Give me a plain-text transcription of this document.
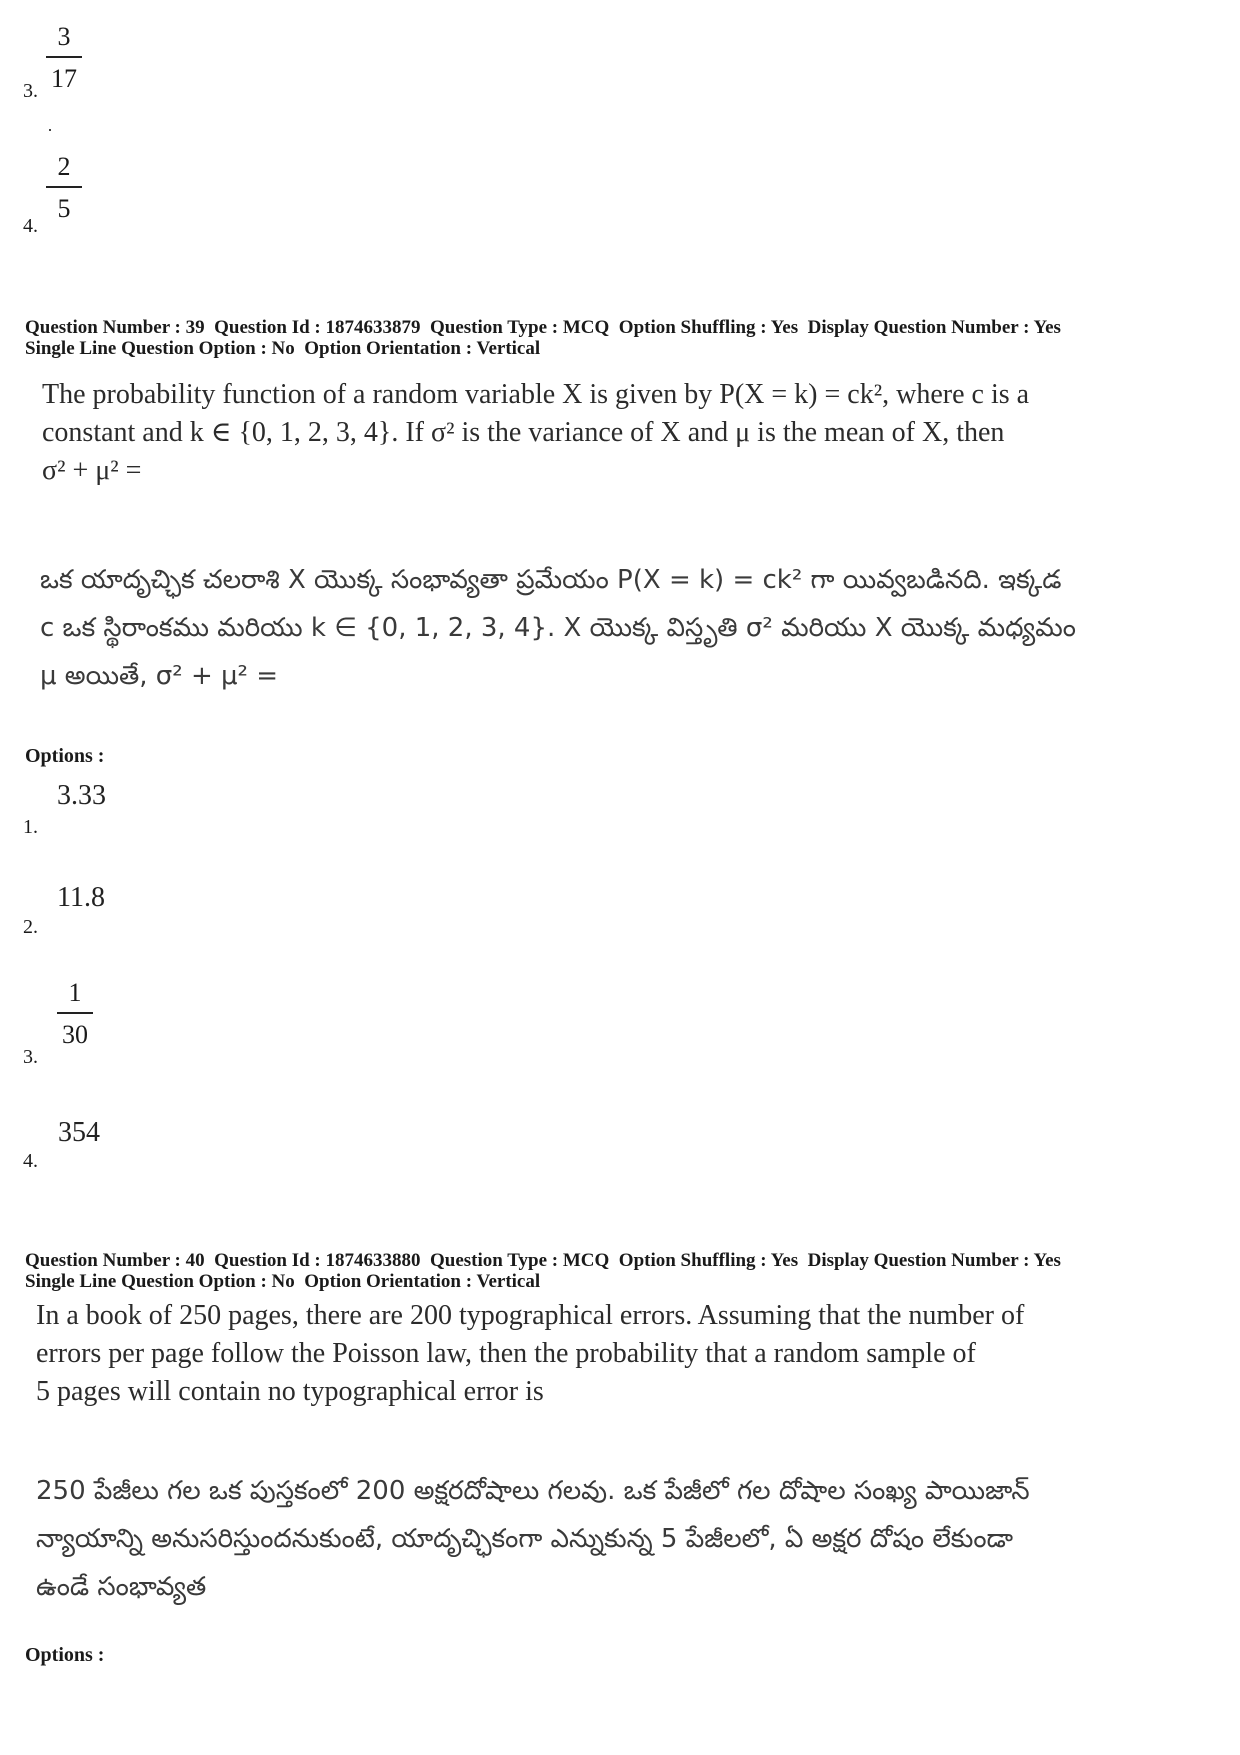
3.
3
17
4.
2
5
Question Number : 39  Question Id : 1874633879  Question Type : MCQ  Option Shuffling : Yes  Display Question Number : Yes
Single Line Question Option : No  Option Orientation : Vertical
The probability function of a random variable X is given by P(X = k) = ck², where c is a
constant and k ∈ {0, 1, 2, 3, 4}. If σ² is the variance of X and μ is the mean of X, then
σ² + μ² =
ఒక యాదృచ్ఛిక చలరాశి X యొక్క సంభావ్యతా ప్రమేయం P(X = k) = ck² గా యివ్వబడినది. ఇక్కడ
c ఒక స్థిరాంకము మరియు k ∈ {0, 1, 2, 3, 4}. X యొక్క విస్తృతి σ² మరియు X యొక్క మధ్యమం
μ అయితే, σ² + μ² =
Options :
1.
3.33
2.
11.8
3.
1
30
4.
354
Question Number : 40  Question Id : 1874633880  Question Type : MCQ  Option Shuffling : Yes  Display Question Number : Yes
Single Line Question Option : No  Option Orientation : Vertical
In a book of 250 pages, there are 200 typographical errors. Assuming that the number of
errors per page follow the Poisson law, then the probability that a random sample of
5 pages will contain no typographical error is
250 పేజీలు గల ఒక పుస్తకంలో 200 అక్షరదోషాలు గలవు. ఒక పేజీలో గల దోషాల సంఖ్య పాయిజాన్
న్యాయాన్ని అనుసరిస్తుందనుకుంటే, యాదృచ్ఛికంగా ఎన్నుకున్న 5 పేజీలలో, ఏ అక్షర దోషం లేకుండా
ఉండే సంభావ్యత
Options :
